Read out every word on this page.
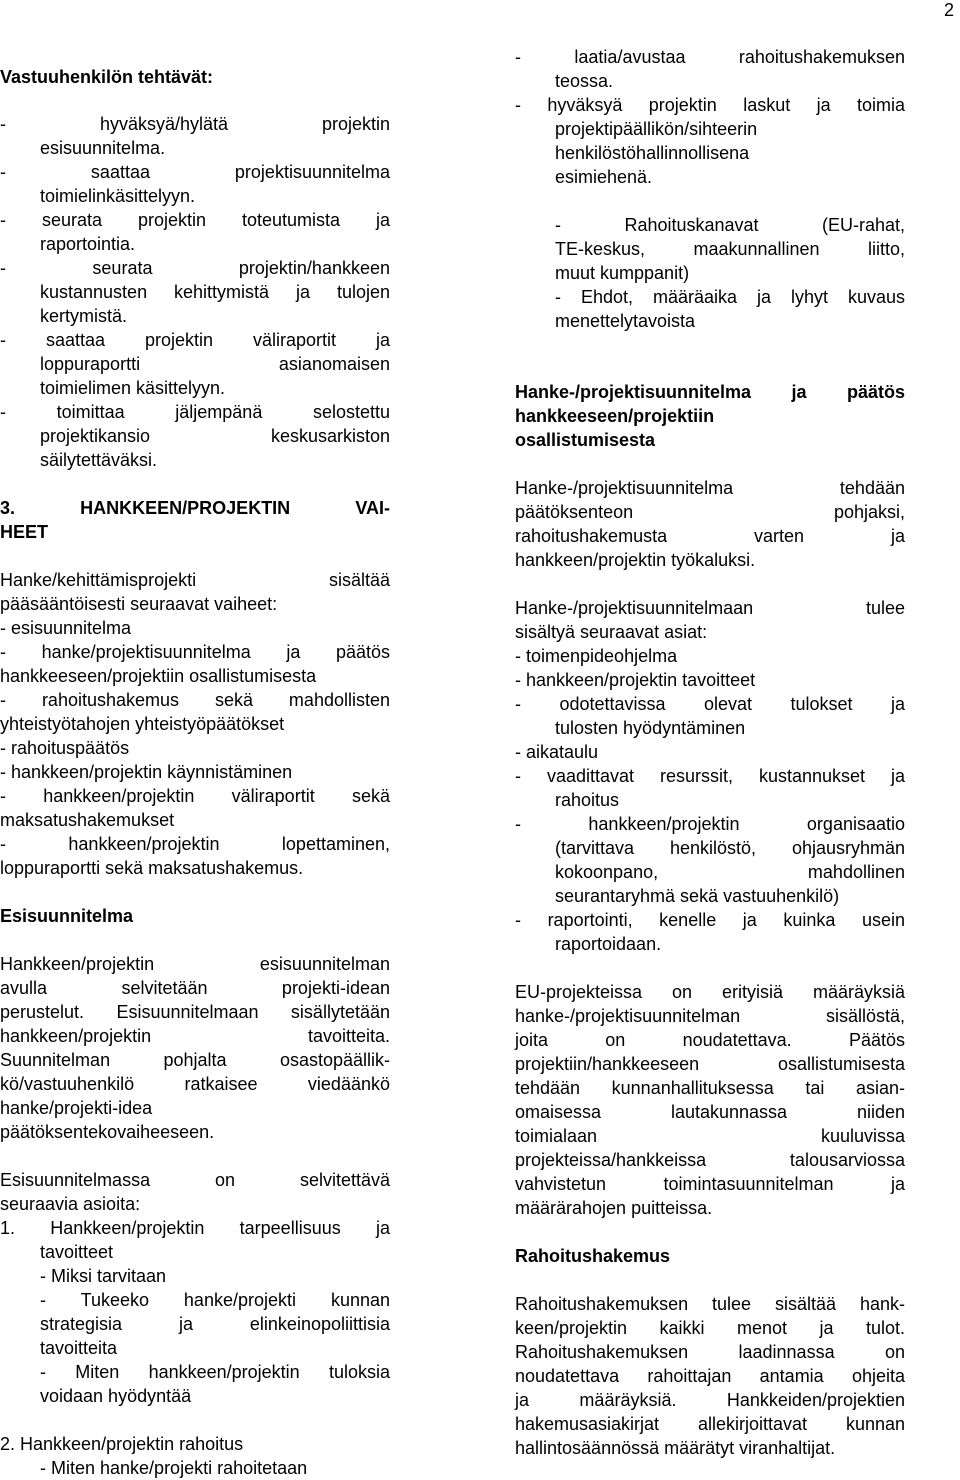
2
Vastuuhenkilön tehtävät:
- hyväksyä/hylätä projektin
esisuunnitelma.
- saattaa projektisuunnitelma
toimielinkäsittelyyn.
- seurata projektin toteutumista ja
raportointia.
- seurata projektin/hankkeen
kustannusten kehittymistä ja tulojen
kertymistä.
- saattaa projektin väliraportit ja
loppuraportti asianomaisen
toimielimen käsittelyyn.
- toimittaa jäljempänä selostettu
projektikansio keskusarkiston
säilytettäväksi.
3. HANKKEEN/PROJEKTIN VAI-
HEET
Hanke/kehittämisprojekti sisältää
pääsääntöisesti seuraavat vaiheet:
- esisuunnitelma
- hanke/projektisuunnitelma ja päätös
hankkeeseen/projektiin osallistumisesta
- rahoitushakemus sekä mahdollisten
yhteistyötahojen yhteistyöpäätökset
- rahoituspäätös
- hankkeen/projektin käynnistäminen
- hankkeen/projektin väliraportit sekä
maksatushakemukset
- hankkeen/projektin lopettaminen,
loppuraportti sekä maksatushakemus.
Esisuunnitelma
Hankkeen/projektin esisuunnitelman
avulla selvitetään projekti-idean
perustelut. Esisuunnitelmaan sisällytetään
hankkeen/projektin tavoitteita.
Suunnitelman pohjalta osastopäällik-
kö/vastuuhenkilö ratkaisee viedäänkö
hanke/projekti-idea
päätöksentekovaiheeseen.
Esisuunnitelmassa on selvitettävä
seuraavia asioita:
1. Hankkeen/projektin tarpeellisuus ja
tavoitteet
- Miksi tarvitaan
- Tukeeko hanke/projekti kunnan
strategisia ja elinkeinopoliittisia
tavoitteita
- Miten hankkeen/projektin tuloksia
voidaan hyödyntää
2. Hankkeen/projektin rahoitus
- Miten hanke/projekti rahoitetaan
- laatia/avustaa rahoitushakemuksen
teossa.
- hyväksyä projektin laskut ja toimia
projektipäällikön/sihteerin
henkilöstöhallinnollisena
esimiehenä.
- Rahoituskanavat (EU-rahat,
TE-keskus, maakunnallinen liitto,
muut kumppanit)
- Ehdot, määräaika ja lyhyt kuvaus
menettelytavoista
Hanke-/projektisuunnitelma ja päätös
hankkeeseen/projektiin
osallistumisesta
Hanke-/projektisuunnitelma tehdään
päätöksenteon pohjaksi,
rahoitushakemusta varten ja
hankkeen/projektin työkaluksi.
Hanke-/projektisuunnitelmaan tulee
sisältyä seuraavat asiat:
- toimenpideohjelma
- hankkeen/projektin tavoitteet
- odotettavissa olevat tulokset ja
tulosten hyödyntäminen
- aikataulu
- vaadittavat resurssit, kustannukset ja
rahoitus
- hankkeen/projektin organisaatio
(tarvittava henkilöstö, ohjausryhmän
kokoonpano, mahdollinen
seurantaryhmä sekä vastuuhenkilö)
- raportointi, kenelle ja kuinka usein
raportoidaan.
EU-projekteissa on erityisiä määräyksiä
hanke-/projektisuunnitelman sisällöstä,
joita on noudatettava. Päätös
projektiin/hankkeeseen osallistumisesta
tehdään kunnanhallituksessa tai asian-
omaisessa lautakunnassa niiden
toimialaan kuuluvissa
projekteissa/hankkeissa talousarviossa
vahvistetun toimintasuunnitelman ja
määrärahojen puitteissa.
Rahoitushakemus
Rahoitushakemuksen tulee sisältää hank-
keen/projektin kaikki menot ja tulot.
Rahoitushakemuksen laadinnassa on
noudatettava rahoittajan antamia ohjeita
ja määräyksiä. Hankkeiden/projektien
hakemusasiakirjat allekirjoittavat kunnan
hallintosäännössä määrätyt viranhaltijat.
